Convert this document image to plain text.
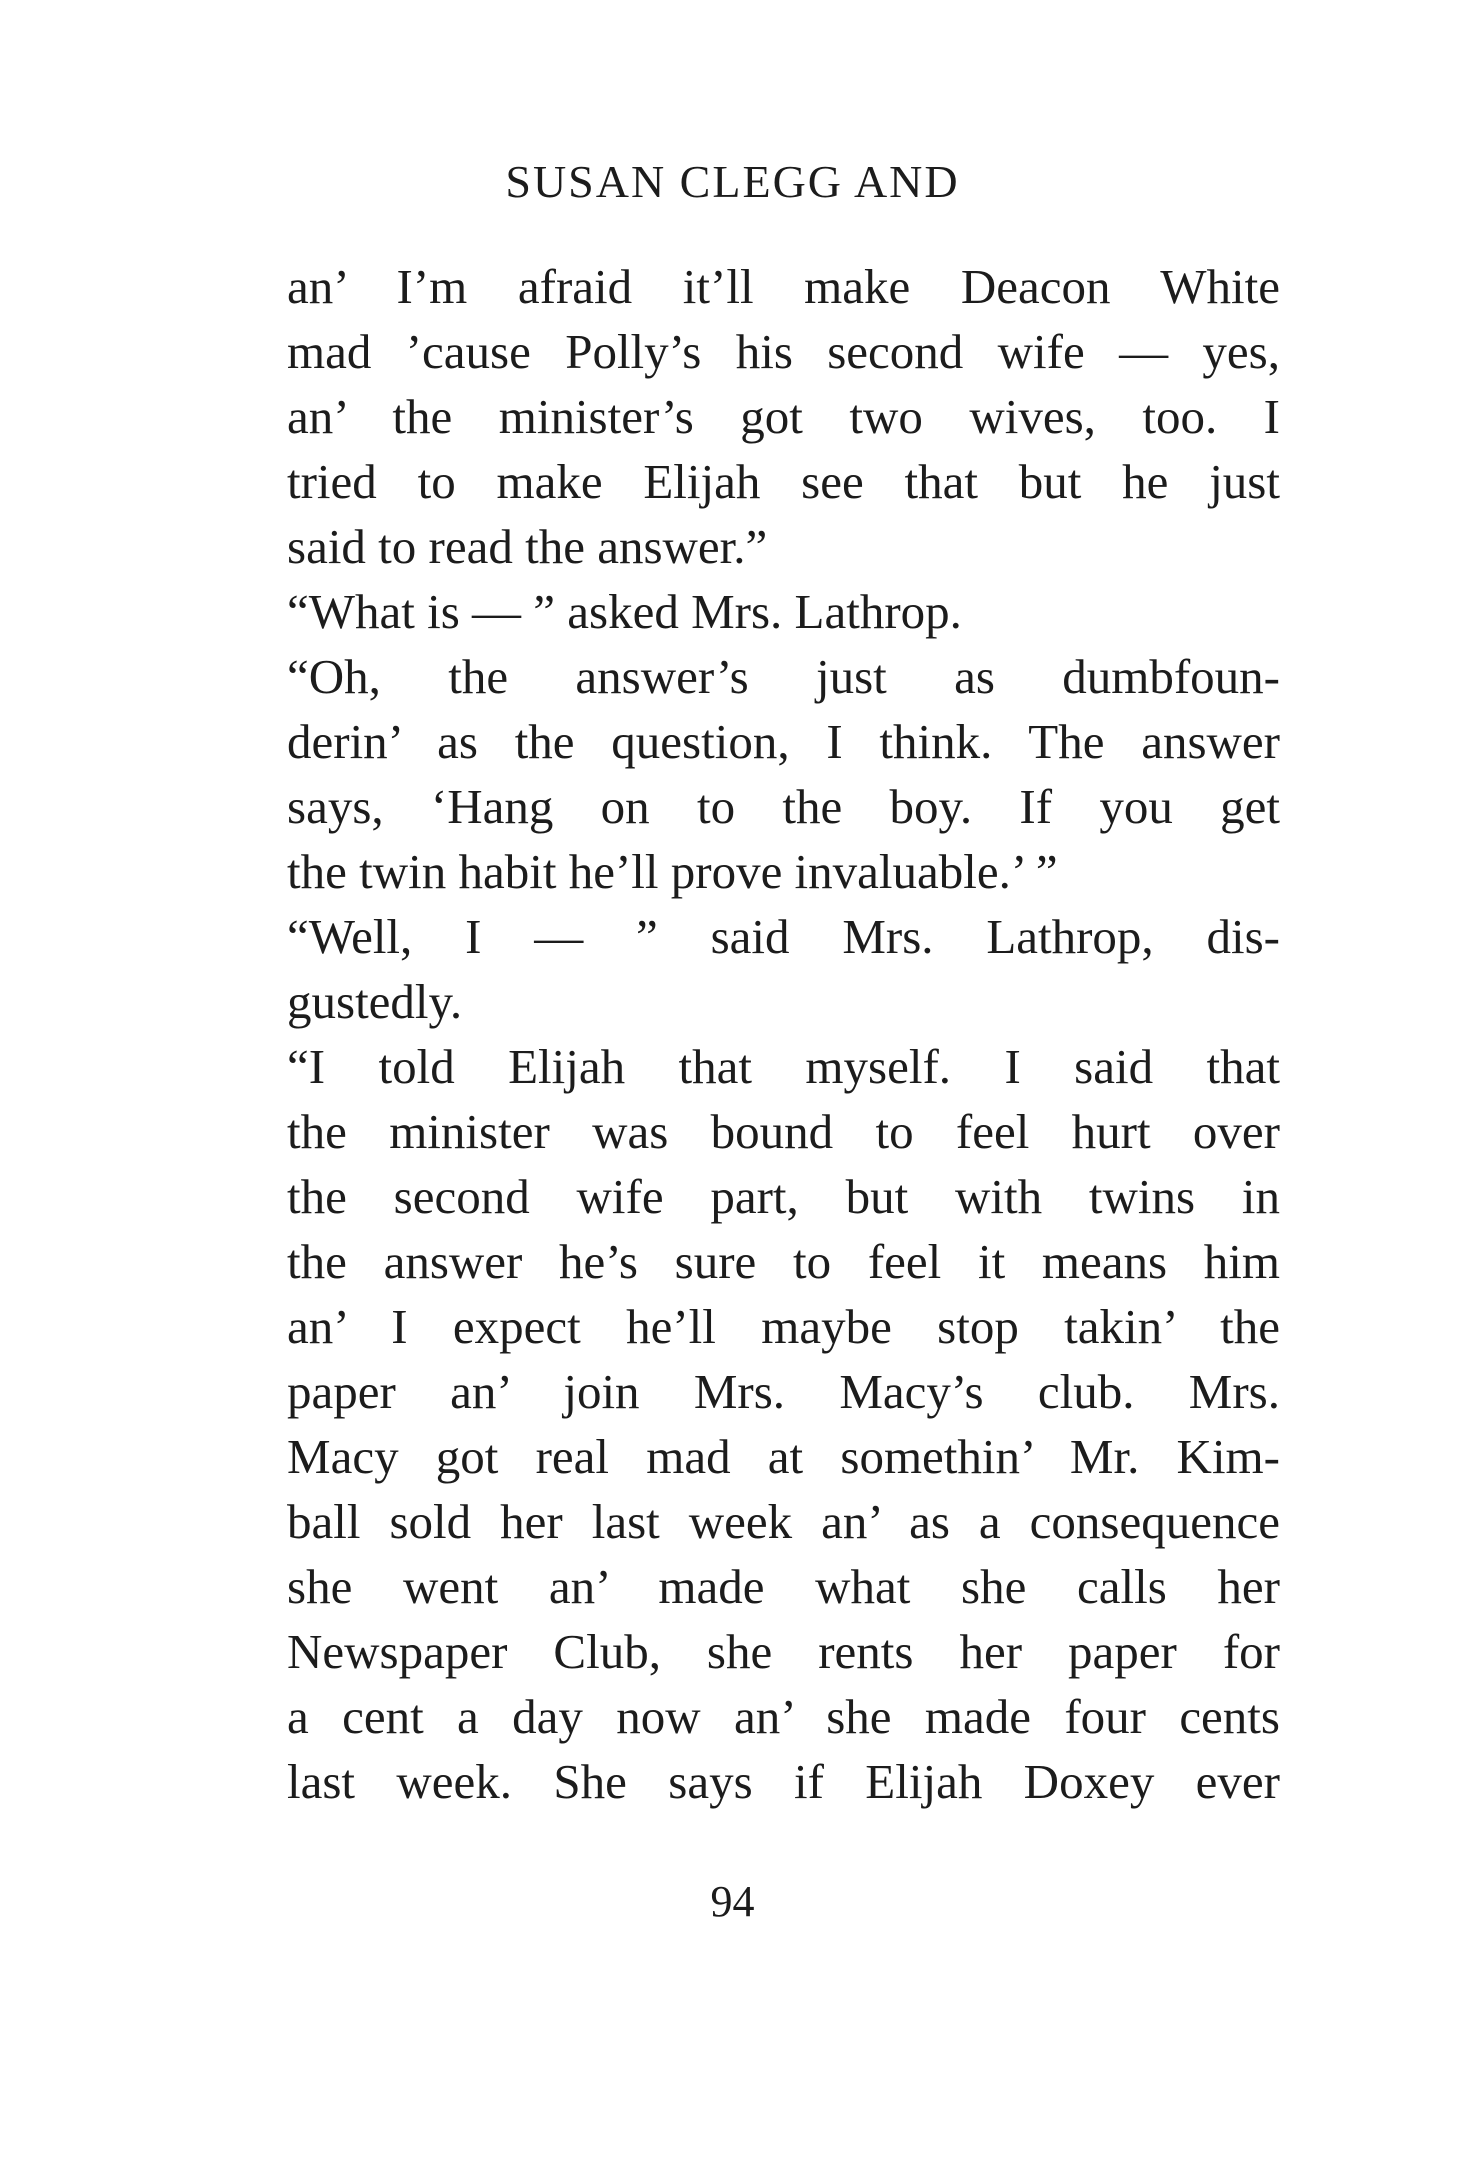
SUSAN CLEGG AND
an’ I’m afraid it’ll make Deacon White
mad ’cause Polly’s his second wife — yes,
an’ the minister’s got two wives, too. I
tried to make Elijah see that but he just
said to read the answer.”
“What is — ” asked Mrs. Lathrop.
“Oh, the answer’s just as dumbfoun-
derin’ as the question, I think. The answer
says, ‘Hang on to the boy. If you get
the twin habit he’ll prove invaluable.’ ”
“Well, I — ” said Mrs. Lathrop, dis-
gustedly.
“I told Elijah that myself. I said that
the minister was bound to feel hurt over
the second wife part, but with twins in
the answer he’s sure to feel it means him
an’ I expect he’ll maybe stop takin’ the
paper an’ join Mrs. Macy’s club. Mrs.
Macy got real mad at somethin’ Mr. Kim-
ball sold her last week an’ as a consequence
she went an’ made what she calls her
Newspaper Club, she rents her paper for
a cent a day now an’ she made four cents
last week. She says if Elijah Doxey ever
94
